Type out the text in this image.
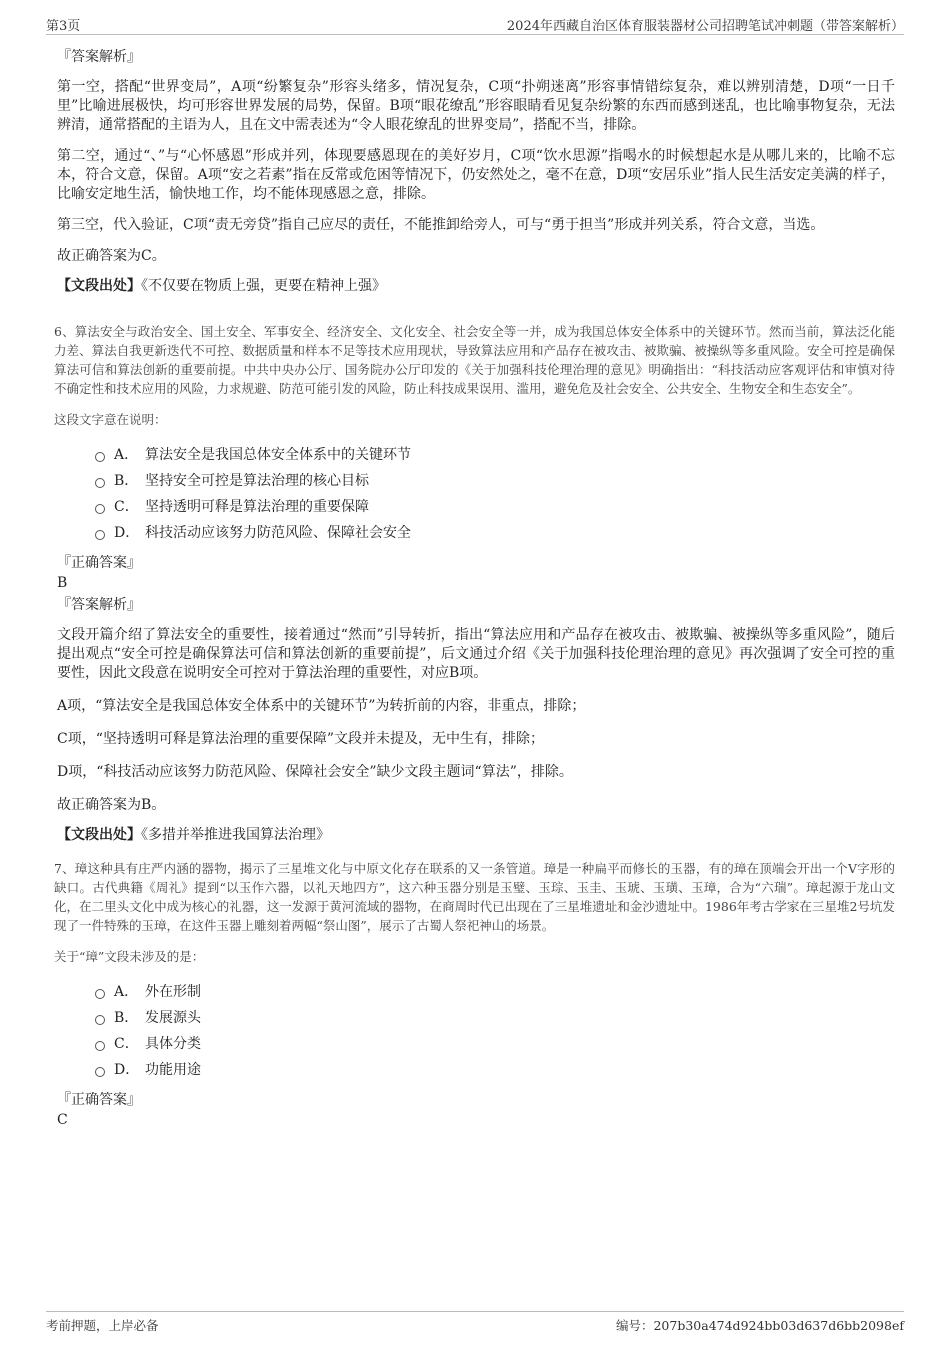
第3页	2024年西藏自治区体育服装器材公司招聘笔试冲刺题（带答案解析）

『答案解析』

第一空，搭配“世界变局”，A项“纷繁复杂”形容头绪多，情况复杂，C项“扑朔迷离”形容事情错综复杂，难以辨别清楚，D项“一日千里”比喻进展极快，均可形容世界发展的局势，保留。B项“眼花缭乱”形容眼睛看见复杂纷繁的东西而感到迷乱，也比喻事物复杂，无法辨清，通常搭配的主语为人，且在文中需表述为“令人眼花缭乱的世界变局”，搭配不当，排除。

第二空，通过“、”与“心怀感恩”形成并列，体现要感恩现在的美好岁月，C项“饮水思源”指喝水的时候想起水是从哪儿来的，比喻不忘本，符合文意，保留。A项“安之若素”指在反常或危困等情况下，仍安然处之，毫不在意，D项“安居乐业”指人民生活安定美满的样子，比喻安定地生活，愉快地工作，均不能体现感恩之意，排除。

第三空，代入验证，C项“责无旁贷”指自己应尽的责任，不能推卸给旁人，可与“勇于担当”形成并列关系，符合文意，当选。

故正确答案为C。

【文段出处】《不仅要在物质上强，更要在精神上强》

6、算法安全与政治安全、国土安全、军事安全、经济安全、文化安全、社会安全等一并，成为我国总体安全体系中的关键环节。然而当前，算法泛化能力差、算法自我更新迭代不可控、数据质量和样本不足等技术应用现状，导致算法应用和产品存在被攻击、被欺骗、被操纵等多重风险。安全可控是确保算法可信和算法创新的重要前提。中共中央办公厅、国务院办公厅印发的《关于加强科技伦理治理的意见》明确指出：“科技活动应客观评估和审慎对待不确定性和技术应用的风险，力求规避、防范可能引发的风险，防止科技成果误用、滥用，避免危及社会安全、公共安全、生物安全和生态安全”。

这段文字意在说明：

A． 算法安全是我国总体安全体系中的关键环节
B． 坚持安全可控是算法治理的核心目标
C． 坚持透明可释是算法治理的重要保障
D． 科技活动应该努力防范风险、保障社会安全

『正确答案』

B

『答案解析』

文段开篇介绍了算法安全的重要性，接着通过“然而”引导转折，指出“算法应用和产品存在被攻击、被欺骗、被操纵等多重风险”，随后提出观点“安全可控是确保算法可信和算法创新的重要前提”，后文通过介绍《关于加强科技伦理治理的意见》再次强调了安全可控的重要性，因此文段意在说明安全可控对于算法治理的重要性，对应B项。

A项，“算法安全是我国总体安全体系中的关键环节”为转折前的内容，非重点，排除；

C项，“坚持透明可释是算法治理的重要保障”文段并未提及，无中生有，排除；

D项，“科技活动应该努力防范风险、保障社会安全”缺少文段主题词“算法”，排除。

故正确答案为B。

【文段出处】《多措并举推进我国算法治理》

7、璋这种具有庄严内涵的器物，揭示了三星堆文化与中原文化存在联系的又一条管道。璋是一种扁平而修长的玉器，有的璋在顶端会开出一个V字形的缺口。古代典籍《周礼》提到“以玉作六器，以礼天地四方”，这六种玉器分别是玉璧、玉琮、玉圭、玉琥、玉璜、玉璋，合为“六瑞”。璋起源于龙山文化，在二里头文化中成为核心的礼器，这一发源于黄河流域的器物，在商周时代已出现在了三星堆遗址和金沙遗址中。1986年考古学家在三星堆2号坑发现了一件特殊的玉璋，在这件玉器上雕刻着两幅“祭山图”，展示了古蜀人祭祀神山的场景。

关于“璋”文段未涉及的是：

A． 外在形制
B． 发展源头
C． 具体分类
D． 功能用途

『正确答案』

C

考前押题，上岸必备	编号：207b30a474d924bb03d637d6bb2098ef
